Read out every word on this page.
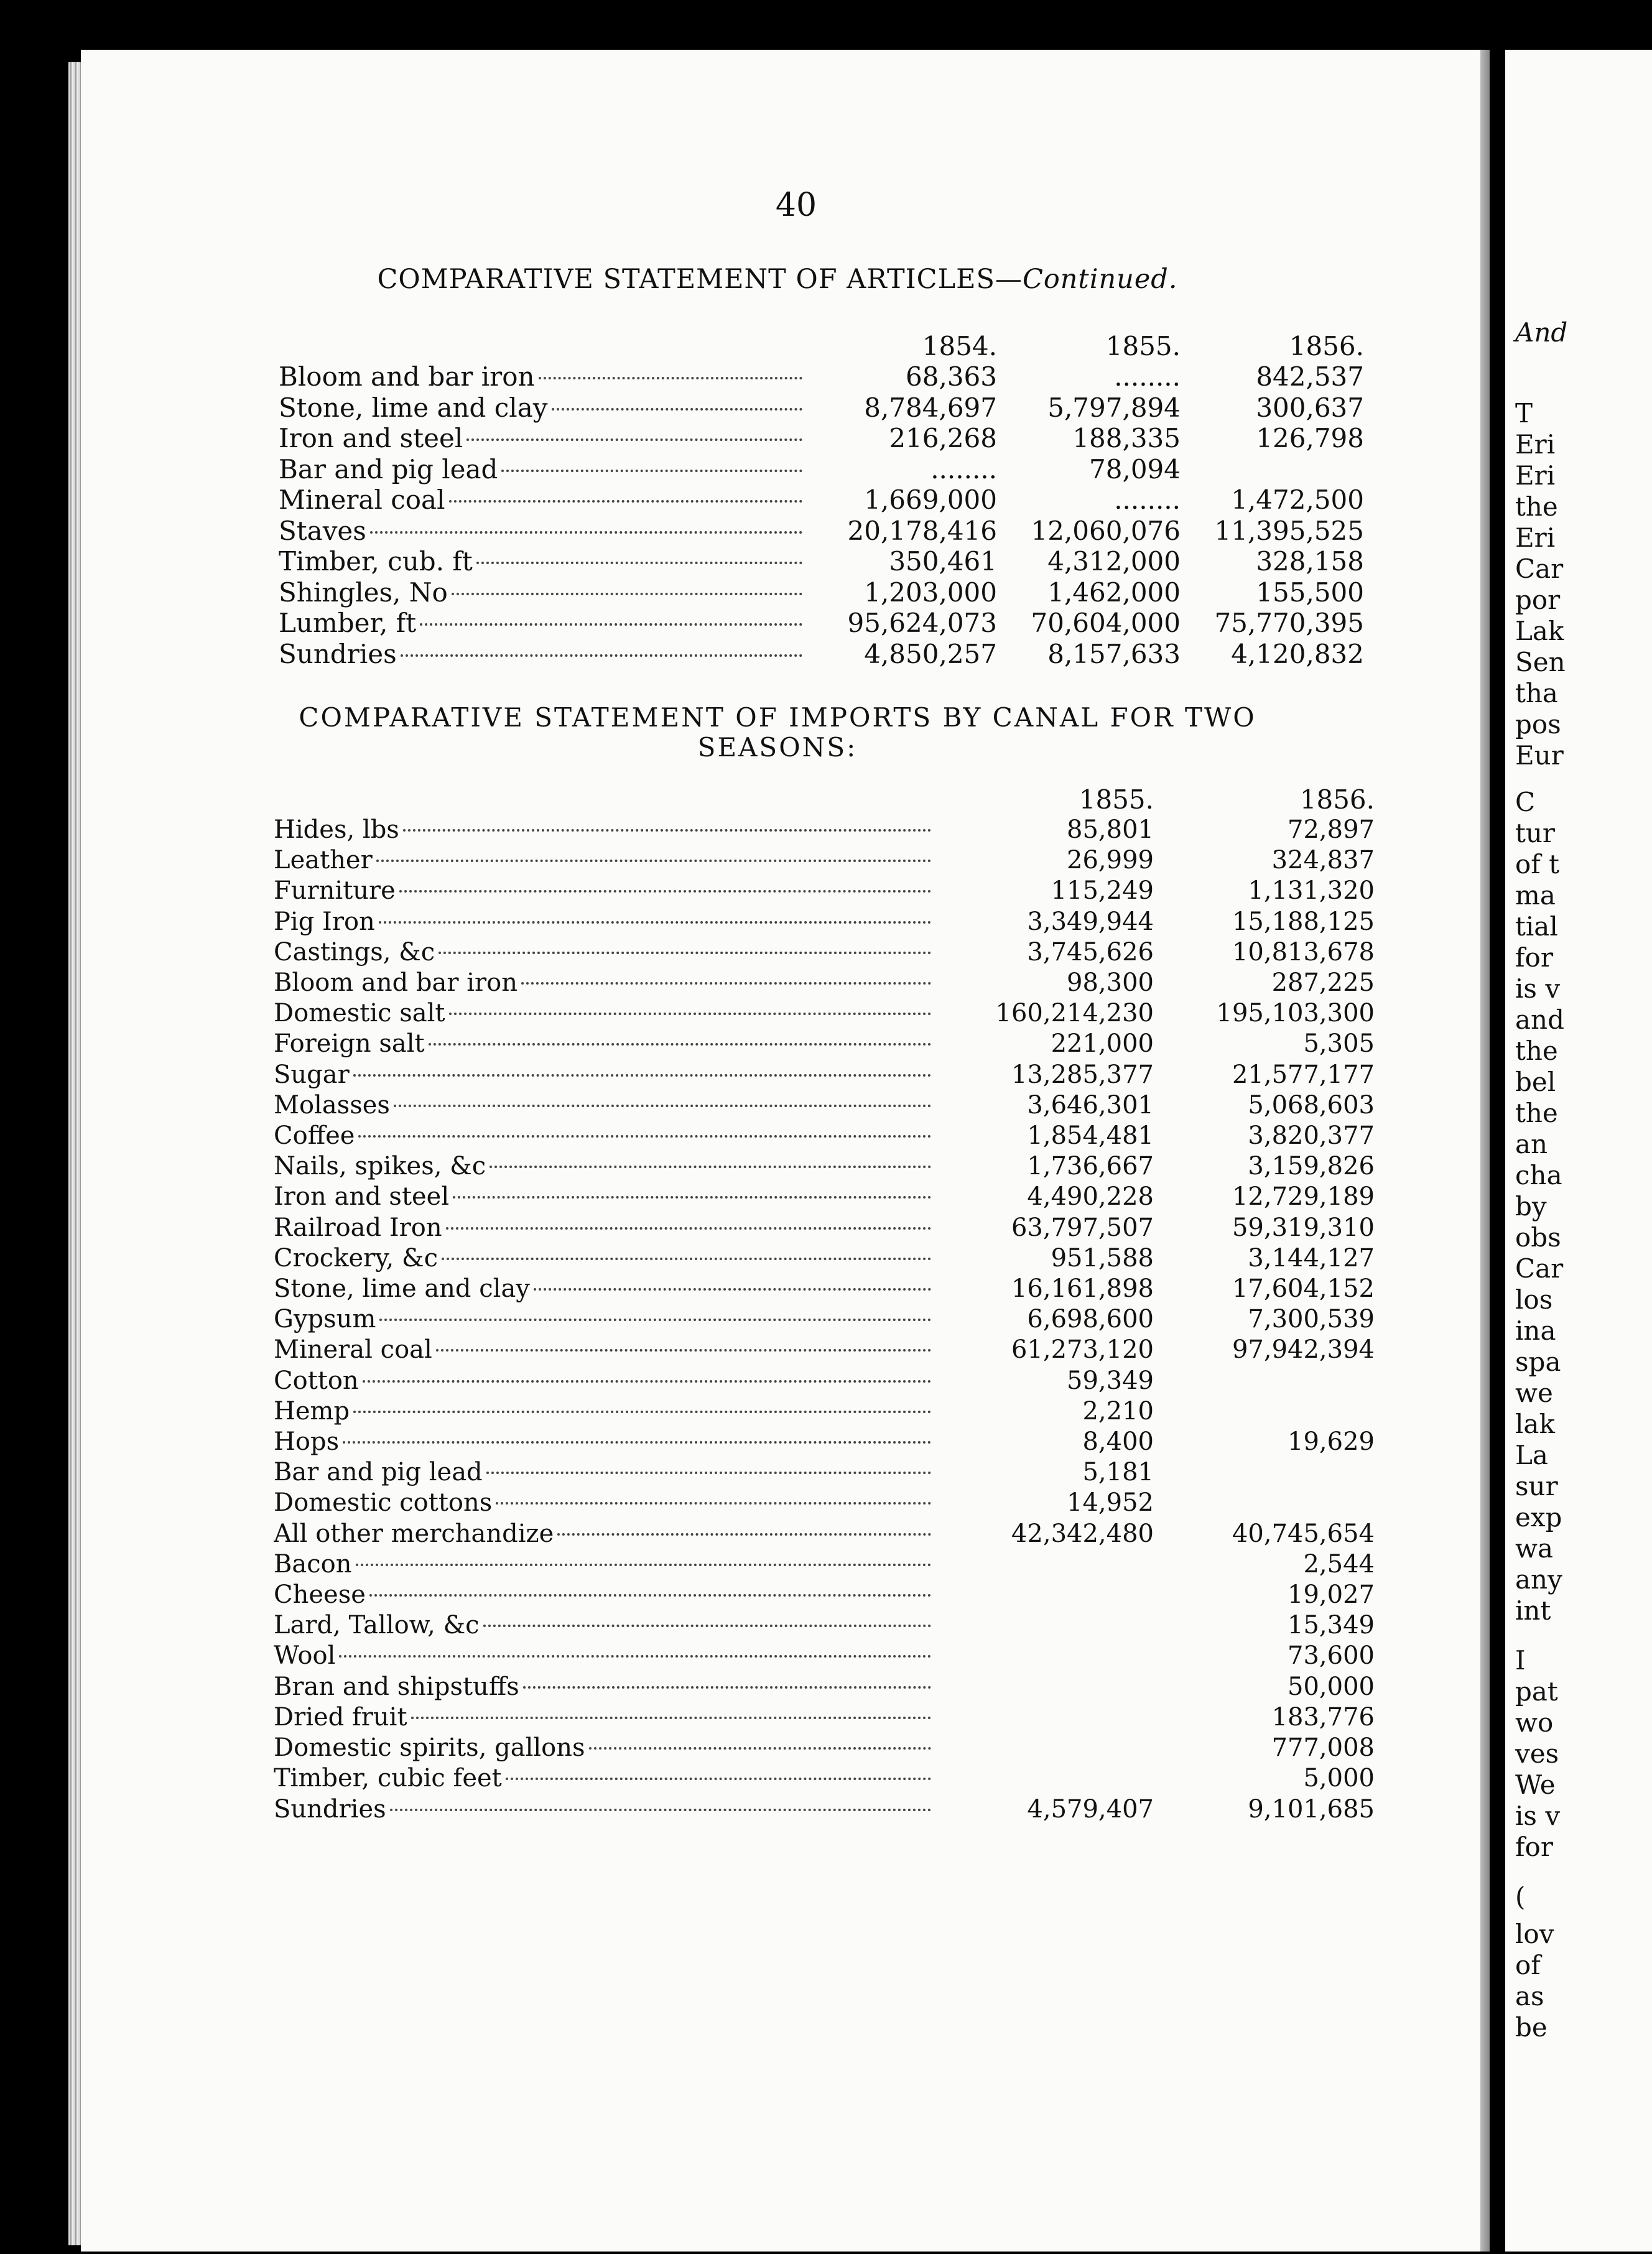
And
T
Eri
Eri
the
Eri
Car
por
Lak
Sen
tha
pos
Eur
C
tur
of t
ma
tial
for
is v
and
the
bel
the
an
cha
by
obs
Car
los
ina
spa
we
lak
La
sur
exp
wa
any
int
I
pat
wo
ves
We
is v
for
(
lov
of
as
be
40
COMPARATIVE STATEMENT OF ARTICLES—Continued.
	1854.	1855.	1856.

Bloom and bar iron	68,363	........	842,537

Stone, lime and clay	8,784,697	5,797,894	300,637

Iron and steel	216,268	188,335	126,798

Bar and pig lead	........	78,094	

Mineral coal	1,669,000	........	1,472,500

Staves	20,178,416	12,060,076	11,395,525

Timber, cub. ft	350,461	4,312,000	328,158

Shingles, No	1,203,000	1,462,000	155,500

Lumber, ft	95,624,073	70,604,000	75,770,395

Sundries	4,850,257	8,157,633	4,120,832
COMPARATIVE STATEMENT OF IMPORTS BY CANAL FOR TWO
SEASONS:
	1855.	1856.

Hides, lbs	85,801	72,897

Leather	26,999	324,837

Furniture	115,249	1,131,320

Pig Iron	3,349,944	15,188,125

Castings, &c	3,745,626	10,813,678

Bloom and bar iron	98,300	287,225

Domestic salt	160,214,230	195,103,300

Foreign salt	221,000	5,305

Sugar	13,285,377	21,577,177

Molasses	3,646,301	5,068,603

Coffee	1,854,481	3,820,377

Nails, spikes, &c	1,736,667	3,159,826

Iron and steel	4,490,228	12,729,189

Railroad Iron	63,797,507	59,319,310

Crockery, &c	951,588	3,144,127

Stone, lime and clay	16,161,898	17,604,152

Gypsum	6,698,600	7,300,539

Mineral coal	61,273,120	97,942,394

Cotton	59,349	

Hemp	2,210	

Hops	8,400	19,629

Bar and pig lead	5,181	

Domestic cottons	14,952	

All other merchandize	42,342,480	40,745,654

Bacon		2,544

Cheese		19,027

Lard, Tallow, &c		15,349

Wool		73,600

Bran and shipstuffs		50,000

Dried fruit		183,776

Domestic spirits, gallons		777,008

Timber, cubic feet		5,000

Sundries	4,579,407	9,101,685
